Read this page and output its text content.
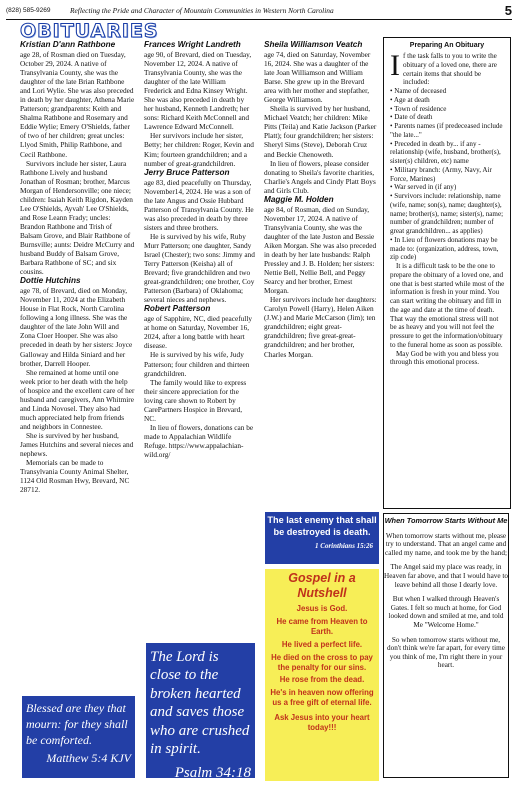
(828) 585-9269	Reflecting the Pride and Character of Mountain Communities in Western North Carolina	5
OBITUARIES

Kristian D'ann Rathbone

age 28, of Rosman died on Tuesday, October 29, 2024. A native of Transylvania County, she was the daughter of the late Brian Rathbone and Lori Wylie. She was also preceded in death by her daughter, Athena Marie Patterson; grandparents: Keith and Shalma Rathbone and Rosemary and Eddie Wylie; Emery O'Shields, father of two of her children; great uncles: Llyod Smith, Philip Rathbone, and Cecil Rathbone.

Survivors include her sister, Laura Rathbone Lively and husband Jonathan of Rosman; brother, Marcus Morgan of Hendersonville; one niece; children: Isaiah Keith Rigdon, Kayden Lee O'Shields, Ayvah' Lee O'Shields, and Rose Leann Frady; uncles: Brandon Rathbone and Trish of Balsam Grove, and Blair Rathbone of Burnsville; aunts: Deidre McCurry and husband Buddy of Balsam Grove, Barbara Rathbone of SC; and six cousins.

Dottie Hutchins

age 78, of Brevard, died on Monday, November 11, 2024 at the Elizabeth House in Flat Rock, North Carolina following a long illness. She was the daughter of the late John Will and Zona Cloer Hooper. She was also preceded in death by her sisters: Joyce Galloway and Hilda Siniard and her brother, Darrell Hooper.

She remained at home until one week prior to her death with the help of hospice and the excellent care of her husband and caregivers, Ann Whitmire and Linda Novosel. They also had much appreciated help from friends and neighbors in Connestee.

She is survived by her husband, James Hutchins and several nieces and nephews.

Memorials can be made to Transylvania County Animal Shelter, 1124 Old Rosman Hwy, Brevard, NC 28712.

Frances Wright Landreth

age 90, of Brevard, died on Tuesday, November 12, 2024. A native of Transylvania County, she was the daughter of the late William Frederick and Edna Kinsey Wright. She was also preceded in death by her husband, Kenneth Landreth; her sons: Richard Keith McConnell and Lawrence Edward McConnell.

Her survivors include her sister, Betty; her children: Roger, Kevin and Kim; fourteen grandchildren; and a number of great-grandchildren.

Jerry Bruce Patterson

age 83, died peacefully on Thursday, November14, 2024. He was a son of the late Angus and Ossie Hubbard Patterson of Transylvania County. He was also preceded in death by three sisters and three brothers.

He is survived by his wife, Ruby Murr Patterson; one daughter, Sandy Israel (Chester); two sons: Jimmy and Terry Patterson (Keisha) all of Brevard; five grandchildren and two great-grandchildren; one brother, Coy Patterson (Barbara) of Oklahoma; several nieces and nephews.

Robert Patterson

age of Sapphire, NC, died peacefully at home on Saturday, November 16, 2024, after a long battle with heart disease.

He is survived by his wife, Judy Patterson; four children and thirteen grandchildren.

The family would like to express their sincere appreciation for the loving care shown to Robert by CarePartners Hospice in Brevard, NC.

In lieu of flowers, donations can be made to Appalachian Wildlife Refuge. https://www.appalachian-wild.org/

Sheila Williamson Veatch

age 74, died on Saturday, November 16, 2024. She was a daughter of the late Joan Williamson and William Barse. She grew up in the Brevard area with her mother and stepfather, George Williamson.

Sheila is survived by her husband, Michael Veatch; her children: Mike Pitts (Teila) and Katie Jackson (Parker Platt); four grandchildren; her sisters: Sheryl Sims (Steve), Deborah Cruz and Beckie Chenoweth.

In lieu of flowers, please consider donating to Sheila's favorite charities, Charlie's Angels and Cindy Platt Boys and Girls Club.

Maggie M. Holden

age 84, of Rosman, died on Sunday, November 17, 2024. A native of Transylvania County, she was the daughter of the late Juston and Bessie Aiken Morgan. She was also preceded in death by her late husbands: Ralph Pressley and J. B. Holden; her sisters: Nettie Bell, Nellie Bell, and Peggy Searcy and her brother, Ernest Morgan.

Her survivors include her daughters: Carolyn Powell (Harry), Helen Aiken (J.W.) and Marie McCarson (Jim); ten grandchildren; eight great-grandchildren; five great-great-grandchildren; and her brother, Charles Morgan.

Preparing An Obituary

If the task falls to you to write the obituary of a loved one, there are certain items that should be included:

• Name of deceased
• Age at death
• Town of residence
• Date of death
• Parents names (if predeceased include "the late..."
• Preceded in death by... if any - relationship (wife, husband, brother(s), sister(s) children, etc) name
• Military branch: (Army, Navy, Air Force, Marines)
• War served in (if any)
• Survivors include: relationship, name (wife, name; son(s), name; daughter(s), name; brother(s), name; sister(s), name; number of grandchildren; number of great grandchildren... as applies)
• In Lieu of flowers donations may be made to: (organization, address, town, zip code)

It is a difficult task to be the one to prepare the obituary of a loved one, and one that is best started while most of the information is fresh in your mind. You can start writing the obituary and fill in the age and date at the time of death. That way the emotional stress will not be as heavy and you will not feel the pressure to get the information/obituary to the funeral home as soon as possible.

May God be with you and bless you through this emotional process.

Blessed are they that mourn: for they shall be comforted.
Matthew 5:4 KJV
The Lord is close to the broken hearted and saves those who are crushed in spirit.
Psalm 34:18
The last enemy that shall be destroyed is death.
1 Corinthians 15:26
Gospel in a Nutshell
Jesus is God.
He came from Heaven to Earth.
He lived a perfect life.
He died on the cross to pay the penalty for our sins.
He rose from the dead.
He's in heaven now offering us a free gift of eternal life.
Ask Jesus into your heart today!!!
When Tomorrow Starts Without Me
When tomorrow starts without me, please try to understand. That an angel came and called my name, and took me by the hand;
The Angel said my place was ready, in Heaven far above, and that I would have to leave behind all those I dearly love.
But when I walked through Heaven's Gates. I felt so much at home, for God looked down and smiled at me, and told Me "Welcome Home."
So when tomorrow starts without me, don't think we're far apart, for every time you think of me, I'm right there in your heart.
